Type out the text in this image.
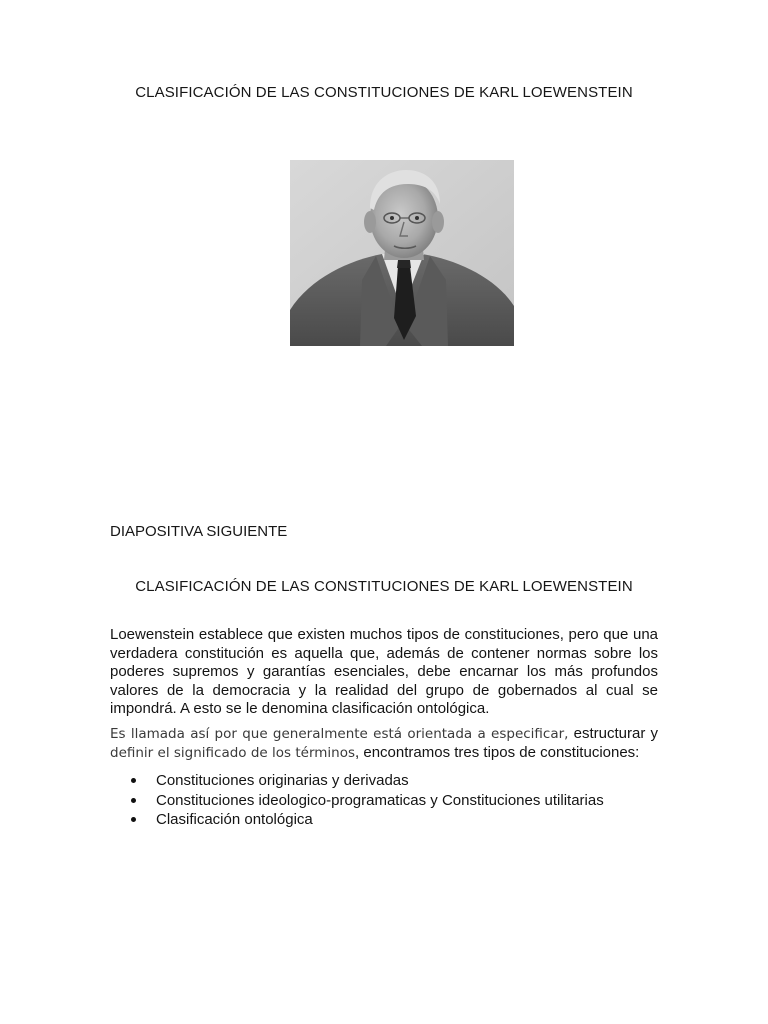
CLASIFICACIÓN DE LAS CONSTITUCIONES DE KARL LOEWENSTEIN
DIAPOSITIVA SIGUIENTE
CLASIFICACIÓN DE LAS CONSTITUCIONES DE KARL LOEWENSTEIN
Loewenstein establece que existen muchos tipos de constituciones, pero que una verdadera constitución es aquella que, además de contener normas sobre los poderes supremos y garantías esenciales, debe encarnar los más profundos valores de la democracia y la realidad del grupo de gobernados al cual se impondrá. A esto se le denomina clasificación ontológica.
Es llamada así por que generalmente está orientada a especificar, estructurar y definir el significado de los términos, encontramos tres tipos de constituciones:
Constituciones originarias y derivadas
Constituciones ideologico-programaticas y Constituciones utilitarias
Clasificación ontológica
